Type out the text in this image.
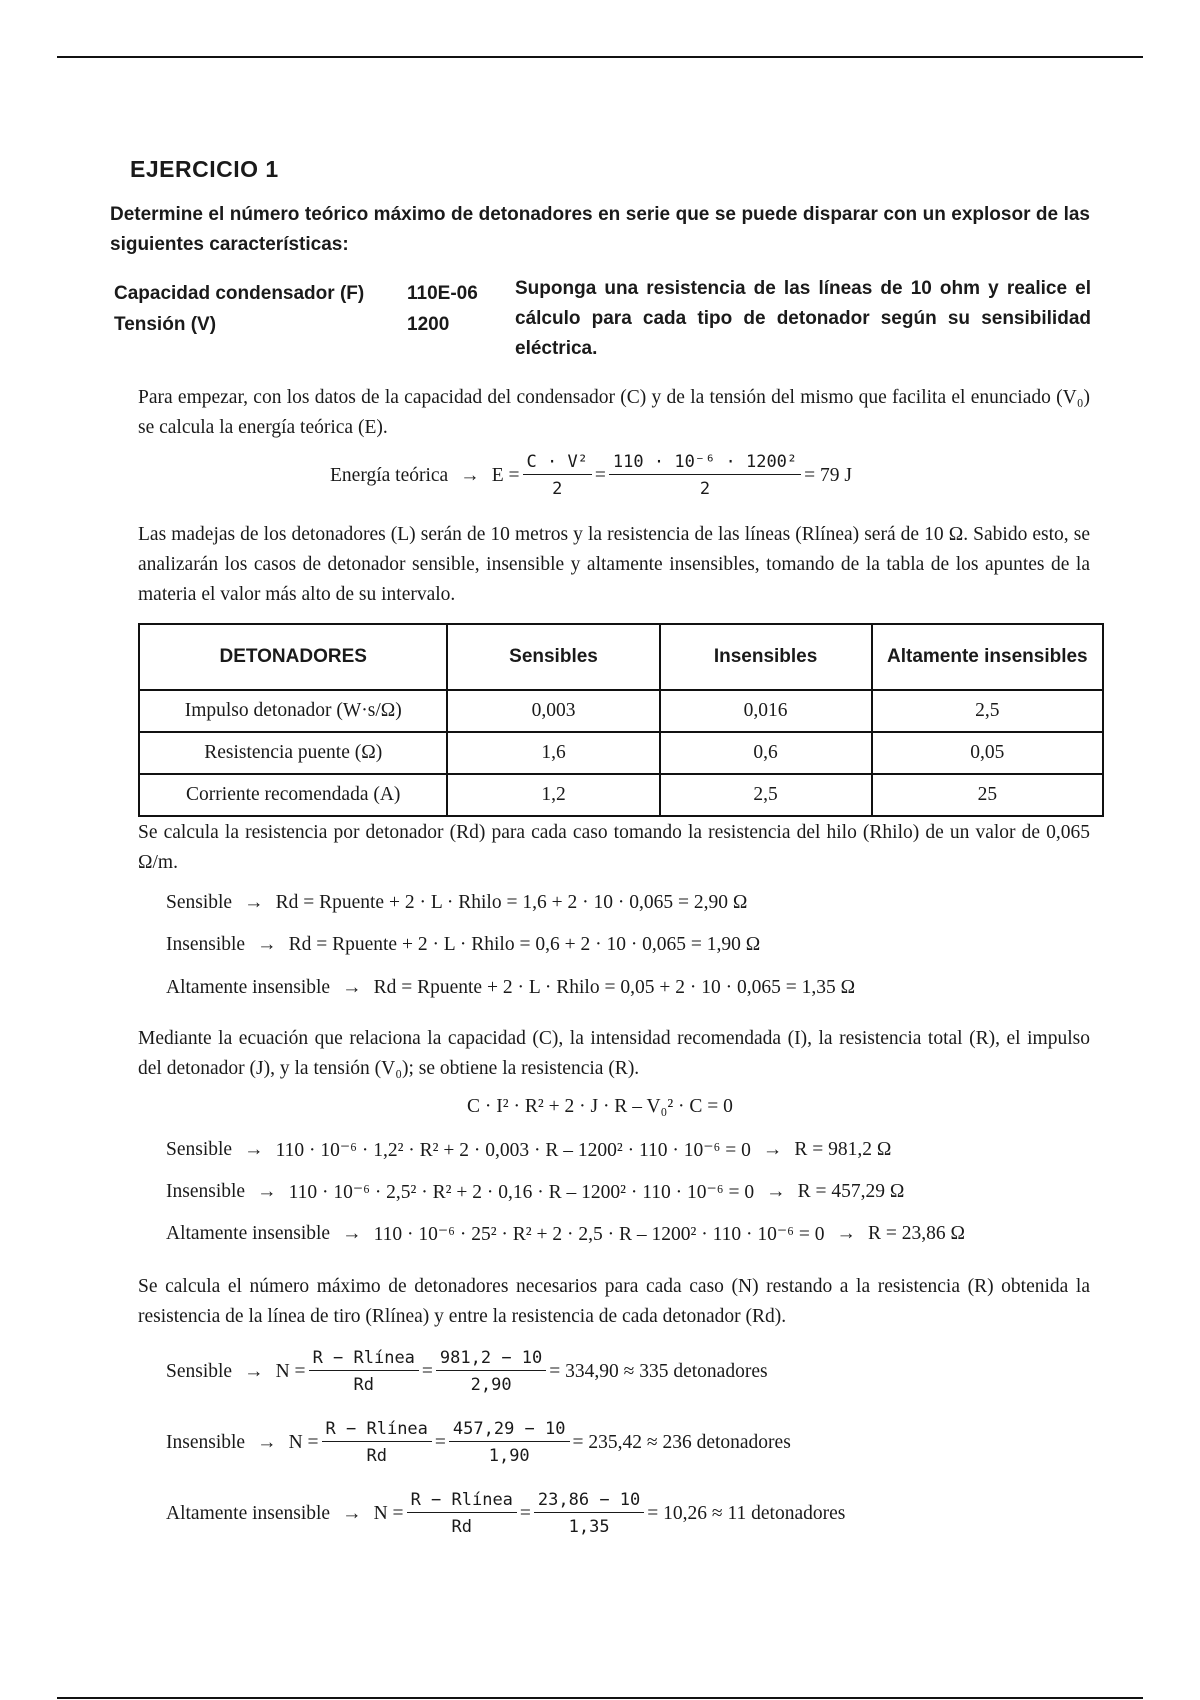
EJERCICIO 1
Determine el número teórico máximo de detonadores en serie que se puede disparar con un explosor de las siguientes características:
Capacidad condensador (F) 110E-06
Tensión (V)	1200
Suponga una resistencia de las líneas de 10 ohm y realice el cálculo para cada tipo de detonador según su sensibilidad eléctrica.
Para empezar, con los datos de la capacidad del condensador (C) y de la tensión del mismo que facilita el enunciado (V₀) se calcula la energía teórica (E).
Energía teórica → $E = \frac{\text{C · V²}}{2} = \frac{\text{110 · 10⁻⁶ · 1200²}}{2} = 79$ J
Las madejas de los detonadores (L) serán de 10 metros y la resistencia de las líneas (Rlínea) será de 10 Ω. Sabido esto, se analizarán los casos de detonador sensible, insensible y altamente insensibles, tomando de la tabla de los apuntes de la materia el valor más alto de su intervalo.
DETONADORES	Sensibles	Insensibles	Altamente insensibles
Impulso detonador (W·s/Ω)	0,003	0,016	2,5
Resistencia puente (Ω)	1,6	0,6	0,05
Corriente recomendada (A)	1,2	2,5	25
Se calcula la resistencia por detonador (Rd) para cada caso tomando la resistencia del hilo (Rhilo) de un valor de 0,065 Ω/m.
Sensible → Rd = Rpuente + 2 · L · Rhilo = 1,6 + 2 · 10 · 0,065 = 2,90 Ω
Insensible → Rd = Rpuente + 2 · L · Rhilo = 0,6 + 2 · 10 · 0,065 = 1,90 Ω
Altamente insensible → Rd = Rpuente + 2 · L · Rhilo = 0,05 + 2 · 10 · 0,065 = 1,35 Ω
Mediante la ecuación que relaciona la capacidad (C), la intensidad recomendada (I), la resistencia total (R), el impulso del detonador (J), y la tensión (V₀); se obtiene la resistencia (R).
C · I² · R² + 2 · J · R – V₀² · C = 0
Sensible → 110 · 10⁻⁶ · 1,2² · R² + 2 · 0,003 · R – 1200² · 110 · 10⁻⁶ = 0 → R = 981,2 Ω
Insensible → 110 · 10⁻⁶ · 2,5² · R² + 2 · 0,16 · R – 1200² · 110 · 10⁻⁶ = 0 → R = 457,29 Ω
Altamente insensible → 110 · 10⁻⁶ · 25² · R² + 2 · 2,5 · R – 1200² · 110 · 10⁻⁶ = 0 → R = 23,86 Ω
Se calcula el número máximo de detonadores necesarios para cada caso (N) restando a la resistencia (R) obtenida la resistencia de la línea de tiro (Rlínea) y entre la resistencia de cada detonador (Rd).
Sensible → $N = \frac{\text{R − Rlínea}}{Rd} = \frac{981,2 - 10}{2,90} = 334,90 \approx 335$ detonadores
Insensible → $N = \frac{\text{R − Rlínea}}{Rd} = \frac{457,29 - 10}{1,90} = 235,42 \approx 236$ detonadores
Altamente insensible → $N = \frac{\text{R − Rlínea}}{Rd} = \frac{23,86 - 10}{1,35} = 10,26 \approx 11$ detonadores
